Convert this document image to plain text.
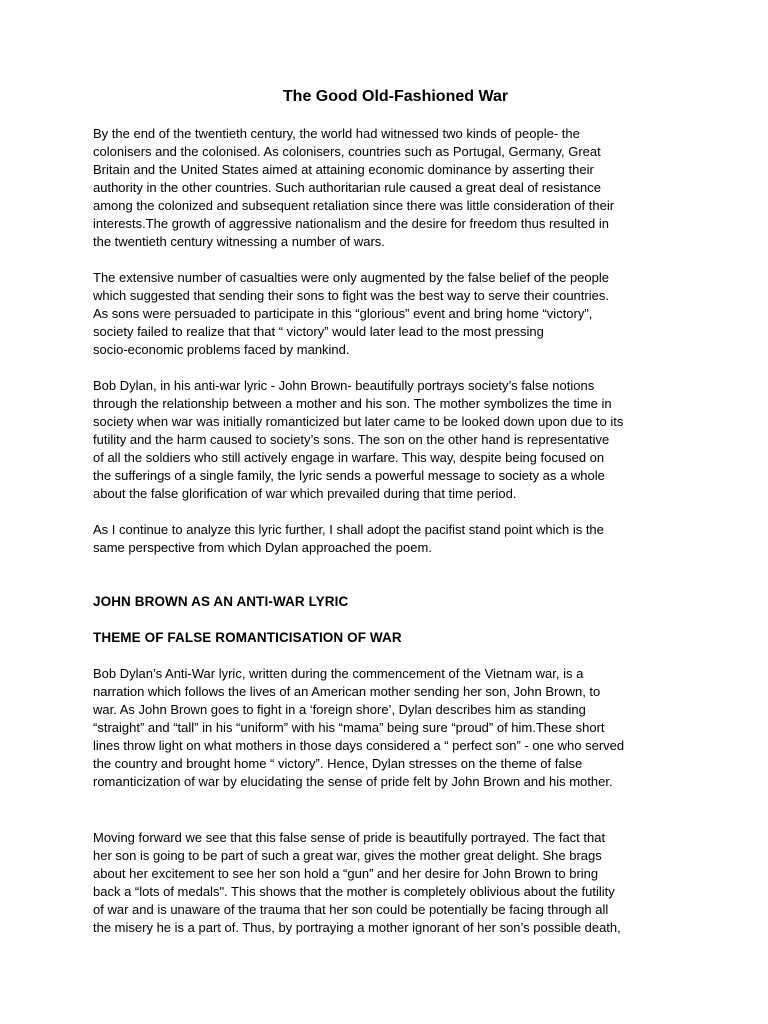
The Good Old-Fashioned War

By the end of the twentieth century, the world had witnessed two kinds of people- the
colonisers and the colonised. As colonisers, countries such as Portugal, Germany, Great
Britain and the United States aimed at attaining economic dominance by asserting their
authority in the other countries. Such authoritarian rule caused a great deal of resistance
among the colonized and subsequent retaliation since there was little consideration of their
interests.The growth of aggressive nationalism and the desire for freedom thus resulted in
the twentieth century witnessing a number of wars.

The extensive number of casualties were only augmented by the false belief of the people
which suggested that sending their sons to fight was the best way to serve their countries.
As sons were persuaded to participate in this “glorious” event and bring home “victory”,
society failed to realize that that “ victory” would later lead to the most pressing
socio-economic problems faced by mankind.

Bob Dylan, in his anti-war lyric - John Brown- beautifully portrays society’s false notions
through the relationship between a mother and his son. The mother symbolizes the time in
society when war was initially romanticized but later came to be looked down upon due to its
futility and the harm caused to society’s sons. The son on the other hand is representative
of all the soldiers who still actively engage in warfare. This way, despite being focused on
the sufferings of a single family, the lyric sends a powerful message to society as a whole
about the false glorification of war which prevailed during that time period.

As I continue to analyze this lyric further, I shall adopt the pacifist stand point which is the
same perspective from which Dylan approached the poem.

JOHN BROWN AS AN ANTI-WAR LYRIC
THEME OF FALSE ROMANTICISATION OF WAR

Bob Dylan’s Anti-War lyric, written during the commencement of the Vietnam war, is a
narration which follows the lives of an American mother sending her son, John Brown, to
war. As John Brown goes to fight in a ‘foreign shore’, Dylan describes him as standing
“straight” and “tall” in his “uniform” with his “mama” being sure “proud” of him.These short
lines throw light on what mothers in those days considered a “ perfect son” - one who served
the country and brought home “ victory”. Hence, Dylan stresses on the theme of false
romanticization of war by elucidating the sense of pride felt by John Brown and his mother.

Moving forward we see that this false sense of pride is beautifully portrayed. The fact that
her son is going to be part of such a great war, gives the mother great delight. She brags
about her excitement to see her son hold a “gun” and her desire for John Brown to bring
back a “lots of medals". This shows that the mother is completely oblivious about the futility
of war and is unaware of the trauma that her son could be potentially be facing through all
the misery he is a part of. Thus, by portraying a mother ignorant of her son’s possible death,
